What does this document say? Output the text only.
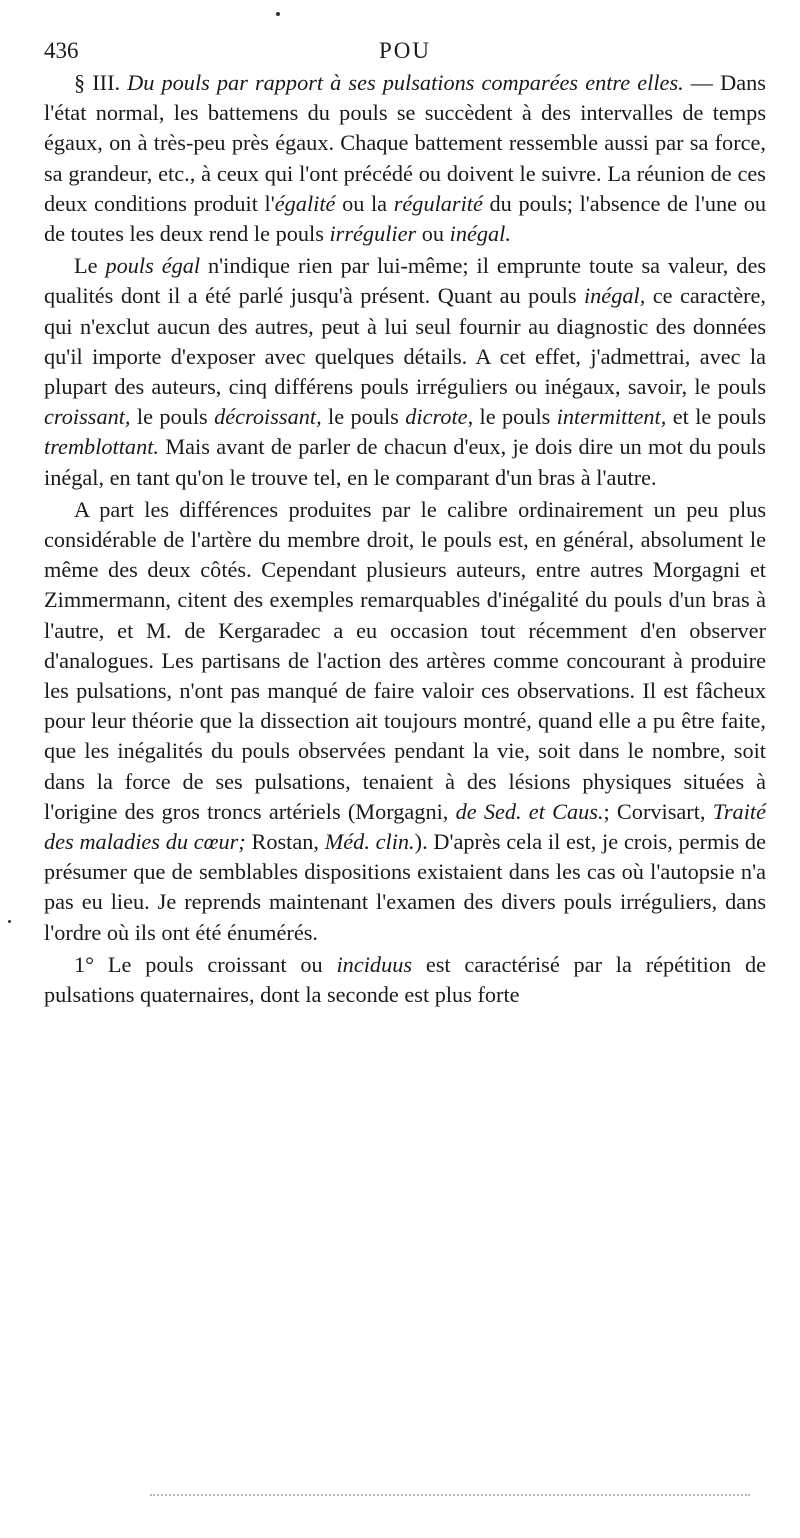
436	POU

§ III. Du pouls par rapport à ses pulsations comparées entre elles. — Dans l'état normal, les battemens du pouls se succèdent à des intervalles de temps égaux, on à très-peu près égaux. Chaque battement ressemble aussi par sa force, sa grandeur, etc., à ceux qui l'ont précédé ou doivent le suivre. La réunion de ces deux conditions produit l'égalité ou la régularité du pouls; l'absence de l'une ou de toutes les deux rend le pouls irrégulier ou inégal.

Le pouls égal n'indique rien par lui-même; il emprunte toute sa valeur, des qualités dont il a été parlé jusqu'à présent. Quant au pouls inégal, ce caractère, qui n'exclut aucun des autres, peut à lui seul fournir au diagnostic des données qu'il importe d'exposer avec quelques détails. A cet effet, j'admettrai, avec la plupart des auteurs, cinq différens pouls irréguliers ou inégaux, savoir, le pouls croissant, le pouls décroissant, le pouls dicrote, le pouls intermittent, et le pouls tremblottant. Mais avant de parler de chacun d'eux, je dois dire un mot du pouls inégal, en tant qu'on le trouve tel, en le comparant d'un bras à l'autre.

A part les différences produites par le calibre ordinairement un peu plus considérable de l'artère du membre droit, le pouls est, en général, absolument le même des deux côtés. Cependant plusieurs auteurs, entre autres Morgagni et Zimmermann, citent des exemples remarquables d'inégalité du pouls d'un bras à l'autre, et M. de Kergaradec a eu occasion tout récemment d'en observer d'analogues. Les partisans de l'action des artères comme concourant à produire les pulsations, n'ont pas manqué de faire valoir ces observations. Il est fâcheux pour leur théorie que la dissection ait toujours montré, quand elle a pu être faite, que les inégalités du pouls observées pendant la vie, soit dans le nombre, soit dans la force de ses pulsations, tenaient à des lésions physiques situées à l'origine des gros troncs artériels (Morgagni, de Sed. et Caus.; Corvisart, Traité des maladies du cœur; Rostan, Méd. clin.). D'après cela il est, je crois, permis de présumer que de semblables dispositions existaient dans les cas où l'autopsie n'a pas eu lieu. Je reprends maintenant l'examen des divers pouls irréguliers, dans l'ordre où ils ont été énumérés.

1° Le pouls croissant ou inciduus est caractérisé par la répétition de pulsations quaternaires, dont la seconde est plus forte
